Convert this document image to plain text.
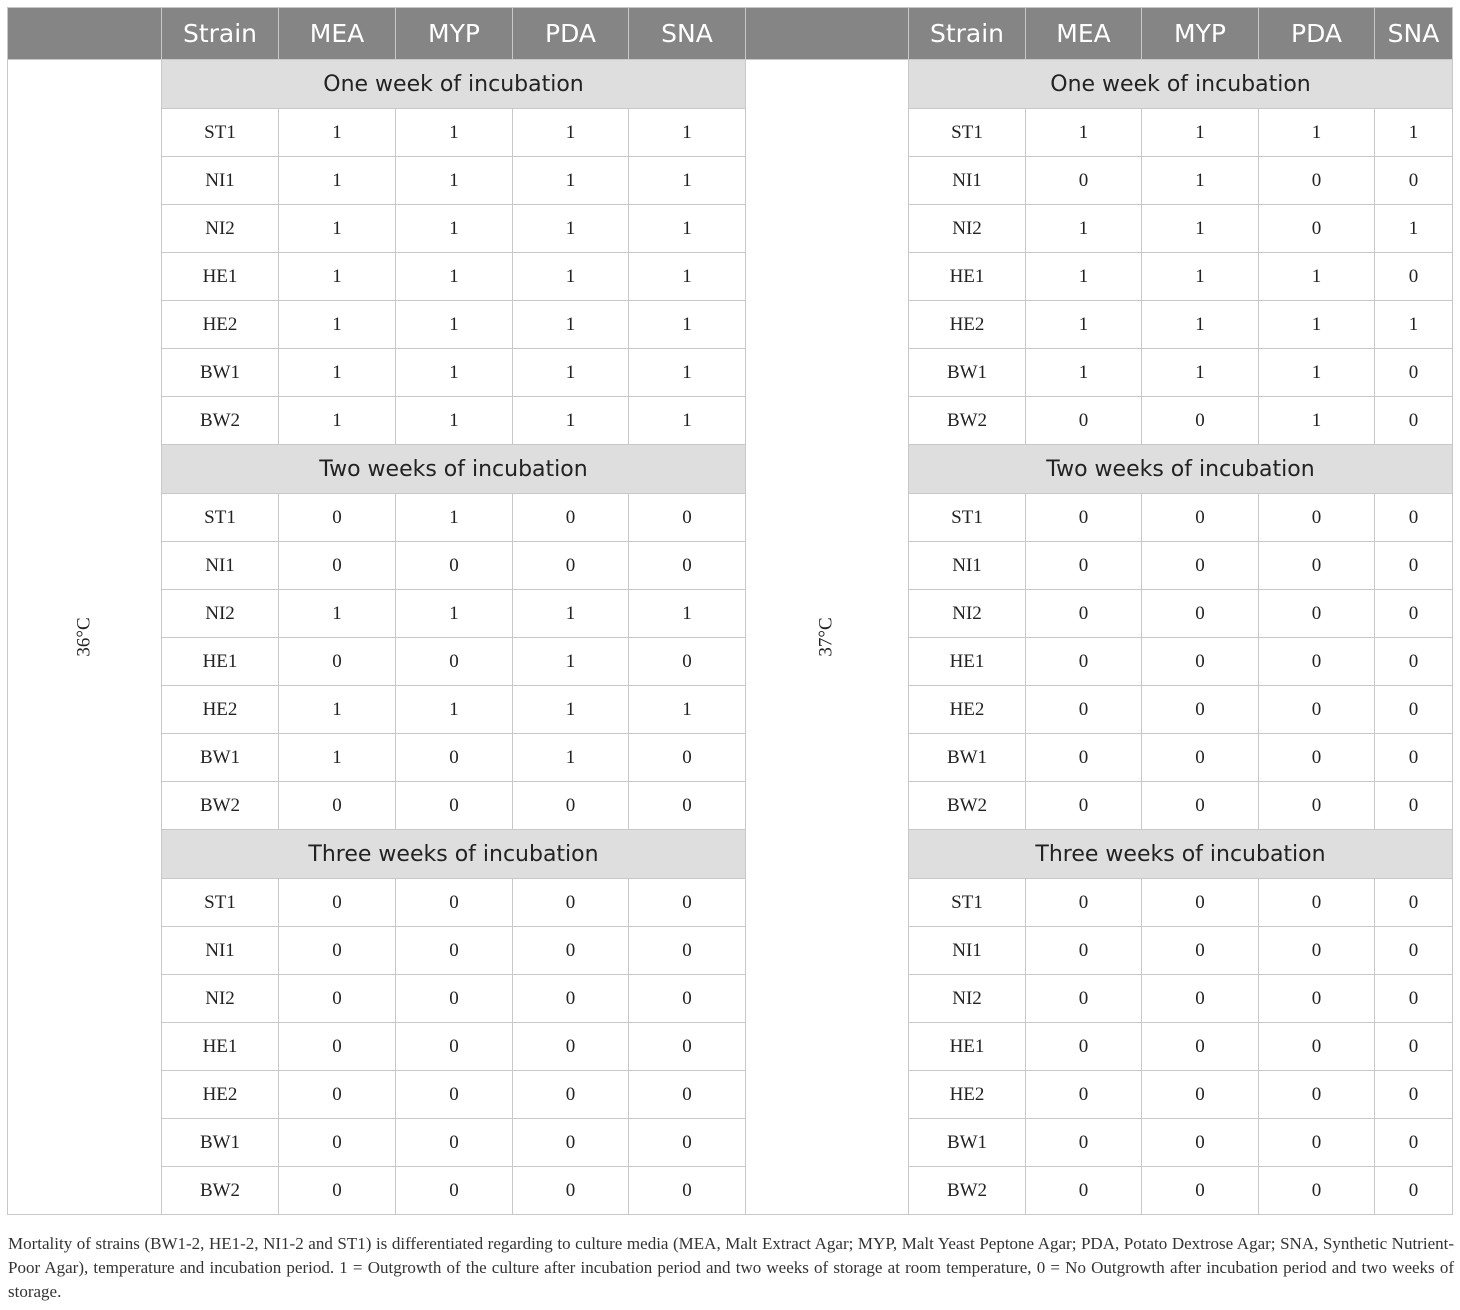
	Strain	MEA	MYP	PDA	SNA		Strain	MEA	MYP	PDA	SNA
36°C	One week of incubation					37°C	One week of incubation				
	ST1	1	1	1	1		ST1	1	1	1	1
	NI1	1	1	1	1		NI1	0	1	0	0
	NI2	1	1	1	1		NI2	1	1	0	1
	HE1	1	1	1	1		HE1	1	1	1	0
	HE2	1	1	1	1		HE2	1	1	1	1
	BW1	1	1	1	1		BW1	1	1	1	0
	BW2	1	1	1	1		BW2	0	0	1	0
	Two weeks of incubation						Two weeks of incubation				
	ST1	0	1	0	0		ST1	0	0	0	0
	NI1	0	0	0	0		NI1	0	0	0	0
	NI2	1	1	1	1		NI2	0	0	0	0
	HE1	0	0	1	0		HE1	0	0	0	0
	HE2	1	1	1	1		HE2	0	0	0	0
	BW1	1	0	1	0		BW1	0	0	0	0
	BW2	0	0	0	0		BW2	0	0	0	0
	Three weeks of incubation						Three weeks of incubation				
	ST1	0	0	0	0		ST1	0	0	0	0
	NI1	0	0	0	0		NI1	0	0	0	0
	NI2	0	0	0	0		NI2	0	0	0	0
	HE1	0	0	0	0		HE1	0	0	0	0
	HE2	0	0	0	0		HE2	0	0	0	0
	BW1	0	0	0	0		BW1	0	0	0	0
	BW2	0	0	0	0		BW2	0	0	0	0
Mortality of strains (BW1-2, HE1-2, NI1-2 and ST1) is differentiated regarding to culture media (MEA, Malt Extract Agar; MYP, Malt Yeast Peptone Agar; PDA, Potato Dextrose Agar; SNA, Synthetic Nutrient-Poor Agar), temperature and incubation period. 1 = Outgrowth of the culture after incubation period and two weeks of storage at room temperature, 0 = No Outgrowth after incubation period and two weeks of storage.
